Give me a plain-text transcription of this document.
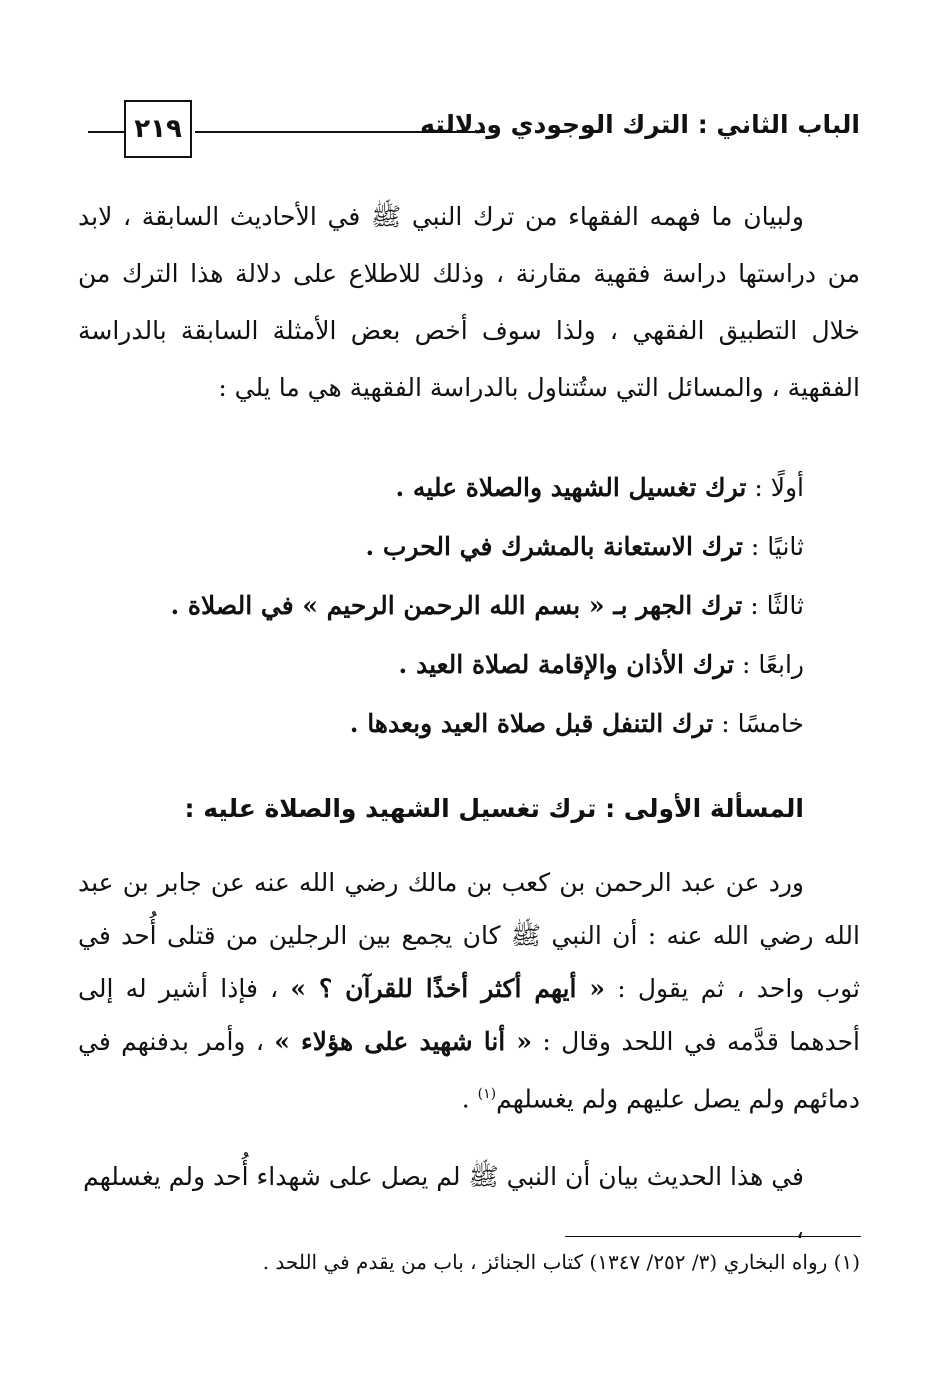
٢١٩	الباب الثاني : الترك الوجودي ودلالته

ولبيان ما فهمه الفقهاء من ترك النبي ﷺ في الأحاديث السابقة ، لابد من دراستها دراسة فقهية مقارنة ، وذلك للاطلاع على دلالة هذا الترك من خلال التطبيق الفقهي ، ولذا سوف أخص بعض الأمثلة السابقة بالدراسة الفقهية ، والمسائل التي ستُتناول بالدراسة الفقهية هي ما يلي :

أولًا : ترك تغسيل الشهيد والصلاة عليه .
ثانيًا : ترك الاستعانة بالمشرك في الحرب .
ثالثًا : ترك الجهر بـ « بسم الله الرحمن الرحيم » في الصلاة .
رابعًا : ترك الأذان والإقامة لصلاة العيد .
خامسًا : ترك التنفل قبل صلاة العيد وبعدها .
المسألة الأولى : ترك تغسيل الشهيد والصلاة عليه :

ورد عن عبد الرحمن بن كعب بن مالك رضي الله عنه عن جابر بن عبد الله رضي الله عنه : أن النبي ﷺ كان يجمع بين الرجلين من قتلى أُحد في ثوب واحد ، ثم يقول : « أيهم أكثر أخذًا للقرآن ؟ » ، فإذا أشير له إلى أحدهما قدَّمه في اللحد وقال : « أنا شهيد على هؤلاء » ، وأمر بدفنهم في دمائهم ولم يصل عليهم ولم يغسلهم$^{(١)}$ .

في هذا الحديث بيان أن النبي ﷺ لم يصل على شهداء أُحد ولم يغسلهم ،
(١) رواه البخاري (٣/ ٢٥٢/ ١٣٤٧) كتاب الجنائز ، باب من يقدم في اللحد .
